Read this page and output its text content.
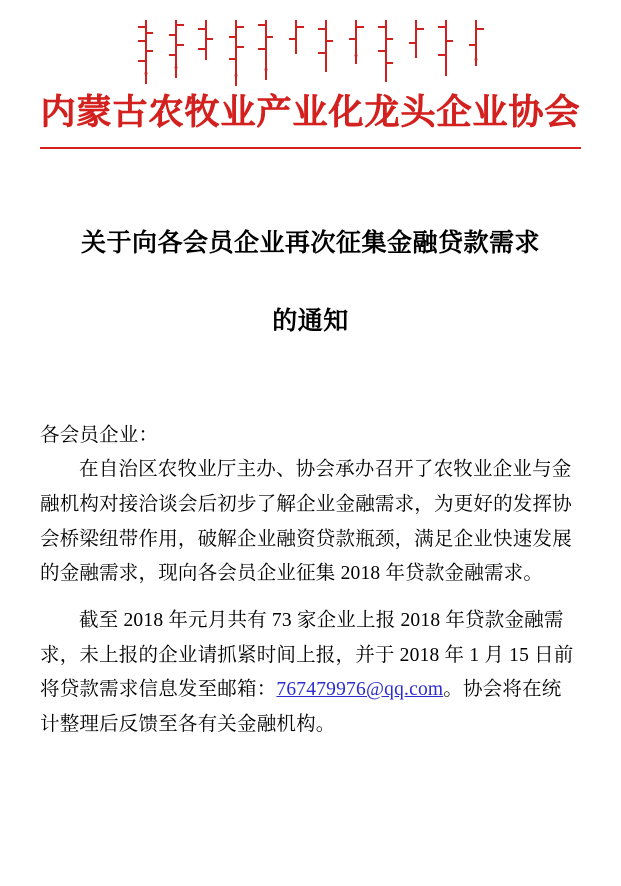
内蒙古农牧业产业化龙头企业协会
关于向各会员企业再次征集金融贷款需求
的通知

各会员企业：

在自治区农牧业厅主办、协会承办召开了农牧业企业与金融机构对接洽谈会后初步了解企业金融需求，为更好的发挥协会桥梁纽带作用，破解企业融资贷款瓶颈，满足企业快速发展的金融需求，现向各会员企业征集 2018 年贷款金融需求。

截至 2018 年元月共有 73 家企业上报 2018 年贷款金融需求，未上报的企业请抓紧时间上报，并于 2018 年 1 月 15 日前将贷款需求信息发至邮箱：767479976@qq.com。协会将在统计整理后反馈至各有关金融机构。
